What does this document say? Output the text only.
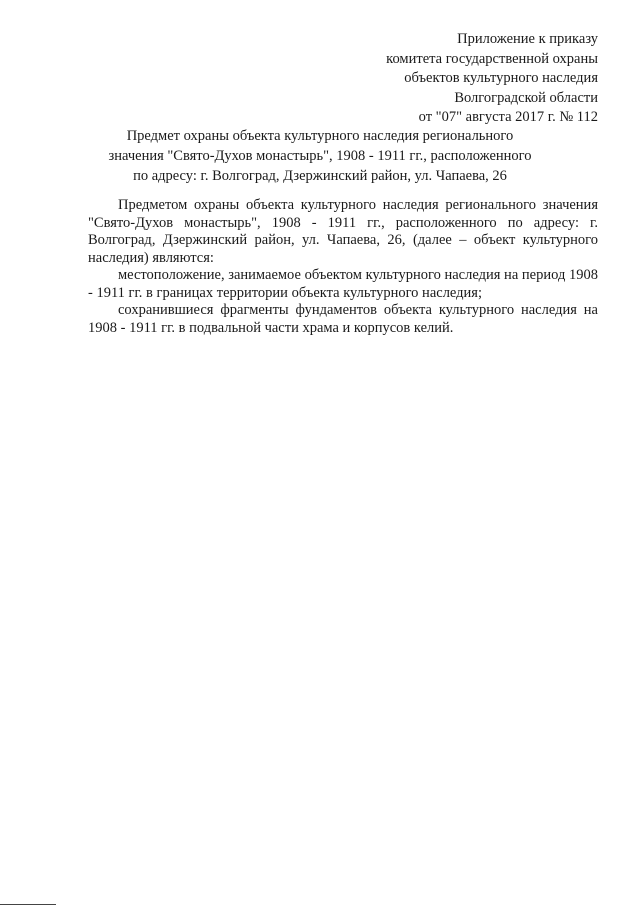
Приложение к приказу
комитета государственной охраны
объектов культурного наследия
Волгоградской области
от "07" августа 2017 г. № 112
Предмет охраны объекта культурного наследия регионального
значения "Свято-Духов монастырь", 1908 - 1911 гг., расположенного
по адресу: г. Волгоград, Дзержинский район, ул. Чапаева, 26

Предметом охраны объекта культурного наследия регионального значения "Свято-Духов монастырь", 1908 - 1911 гг., расположенного по адресу: г. Волгоград, Дзержинский район, ул. Чапаева, 26, (далее – объект культурного наследия) являются:

местоположение, занимаемое объектом культурного наследия на период 1908 - 1911 гг. в границах территории объекта культурного наследия;

сохранившиеся фрагменты фундаментов объекта культурного наследия на 1908 - 1911 гг. в подвальной части храма и корпусов келий.
